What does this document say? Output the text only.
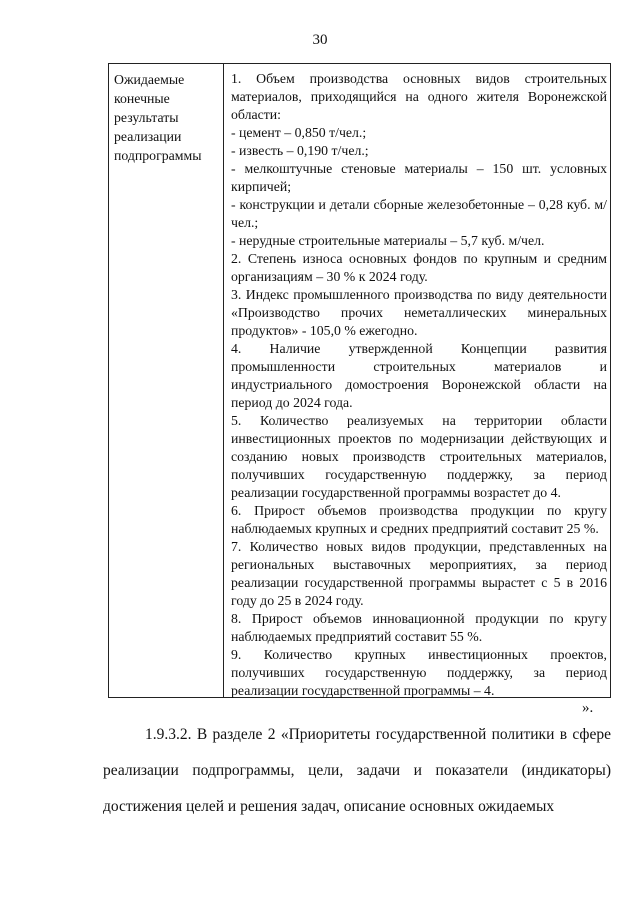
30
Ожидаемые конечные результаты реализации подпрограммы

1. Объем производства основных видов строительных материалов, приходящийся на одного жителя Воронежской области:

- цемент – 0,850 т/чел.;

- известь – 0,190 т/чел.;

- мелкоштучные стеновые материалы – 150 шт. условных кирпичей;

- конструкции и детали сборные железобетонные – 0,28 куб. м/чел.;

- нерудные строительные материалы – 5,7 куб. м/чел.

2. Степень износа основных фондов по крупным и средним организациям – 30 % к 2024 году.

3. Индекс промышленного производства по виду деятельности «Производство прочих неметаллических минеральных продуктов» - 105,0 % ежегодно.

4. Наличие утвержденной Концепции развития промышленности строительных материалов и индустриального домостроения Воронежской области на период до 2024 года.

5. Количество реализуемых на территории области инвестиционных проектов по модернизации действующих и созданию новых производств строительных материалов, получивших государственную поддержку, за период реализации государственной программы возрастет до 4.

6. Прирост объемов производства продукции по кругу наблюдаемых крупных и средних предприятий составит 25 %.

7. Количество новых видов продукции, представленных на региональных выставочных мероприятиях, за период реализации государственной программы вырастет с 5 в 2016 году до 25 в 2024 году.

8. Прирост объемов инновационной продукции по кругу наблюдаемых предприятий составит 55 %.

9. Количество крупных инвестиционных проектов, получивших государственную поддержку, за период реализации государственной программы – 4.

».

1.9.3.2. В разделе 2 «Приоритеты государственной политики в сфере реализации подпрограммы, цели, задачи и показатели (индикаторы) достижения целей и решения задач, описание основных ожидаемых
